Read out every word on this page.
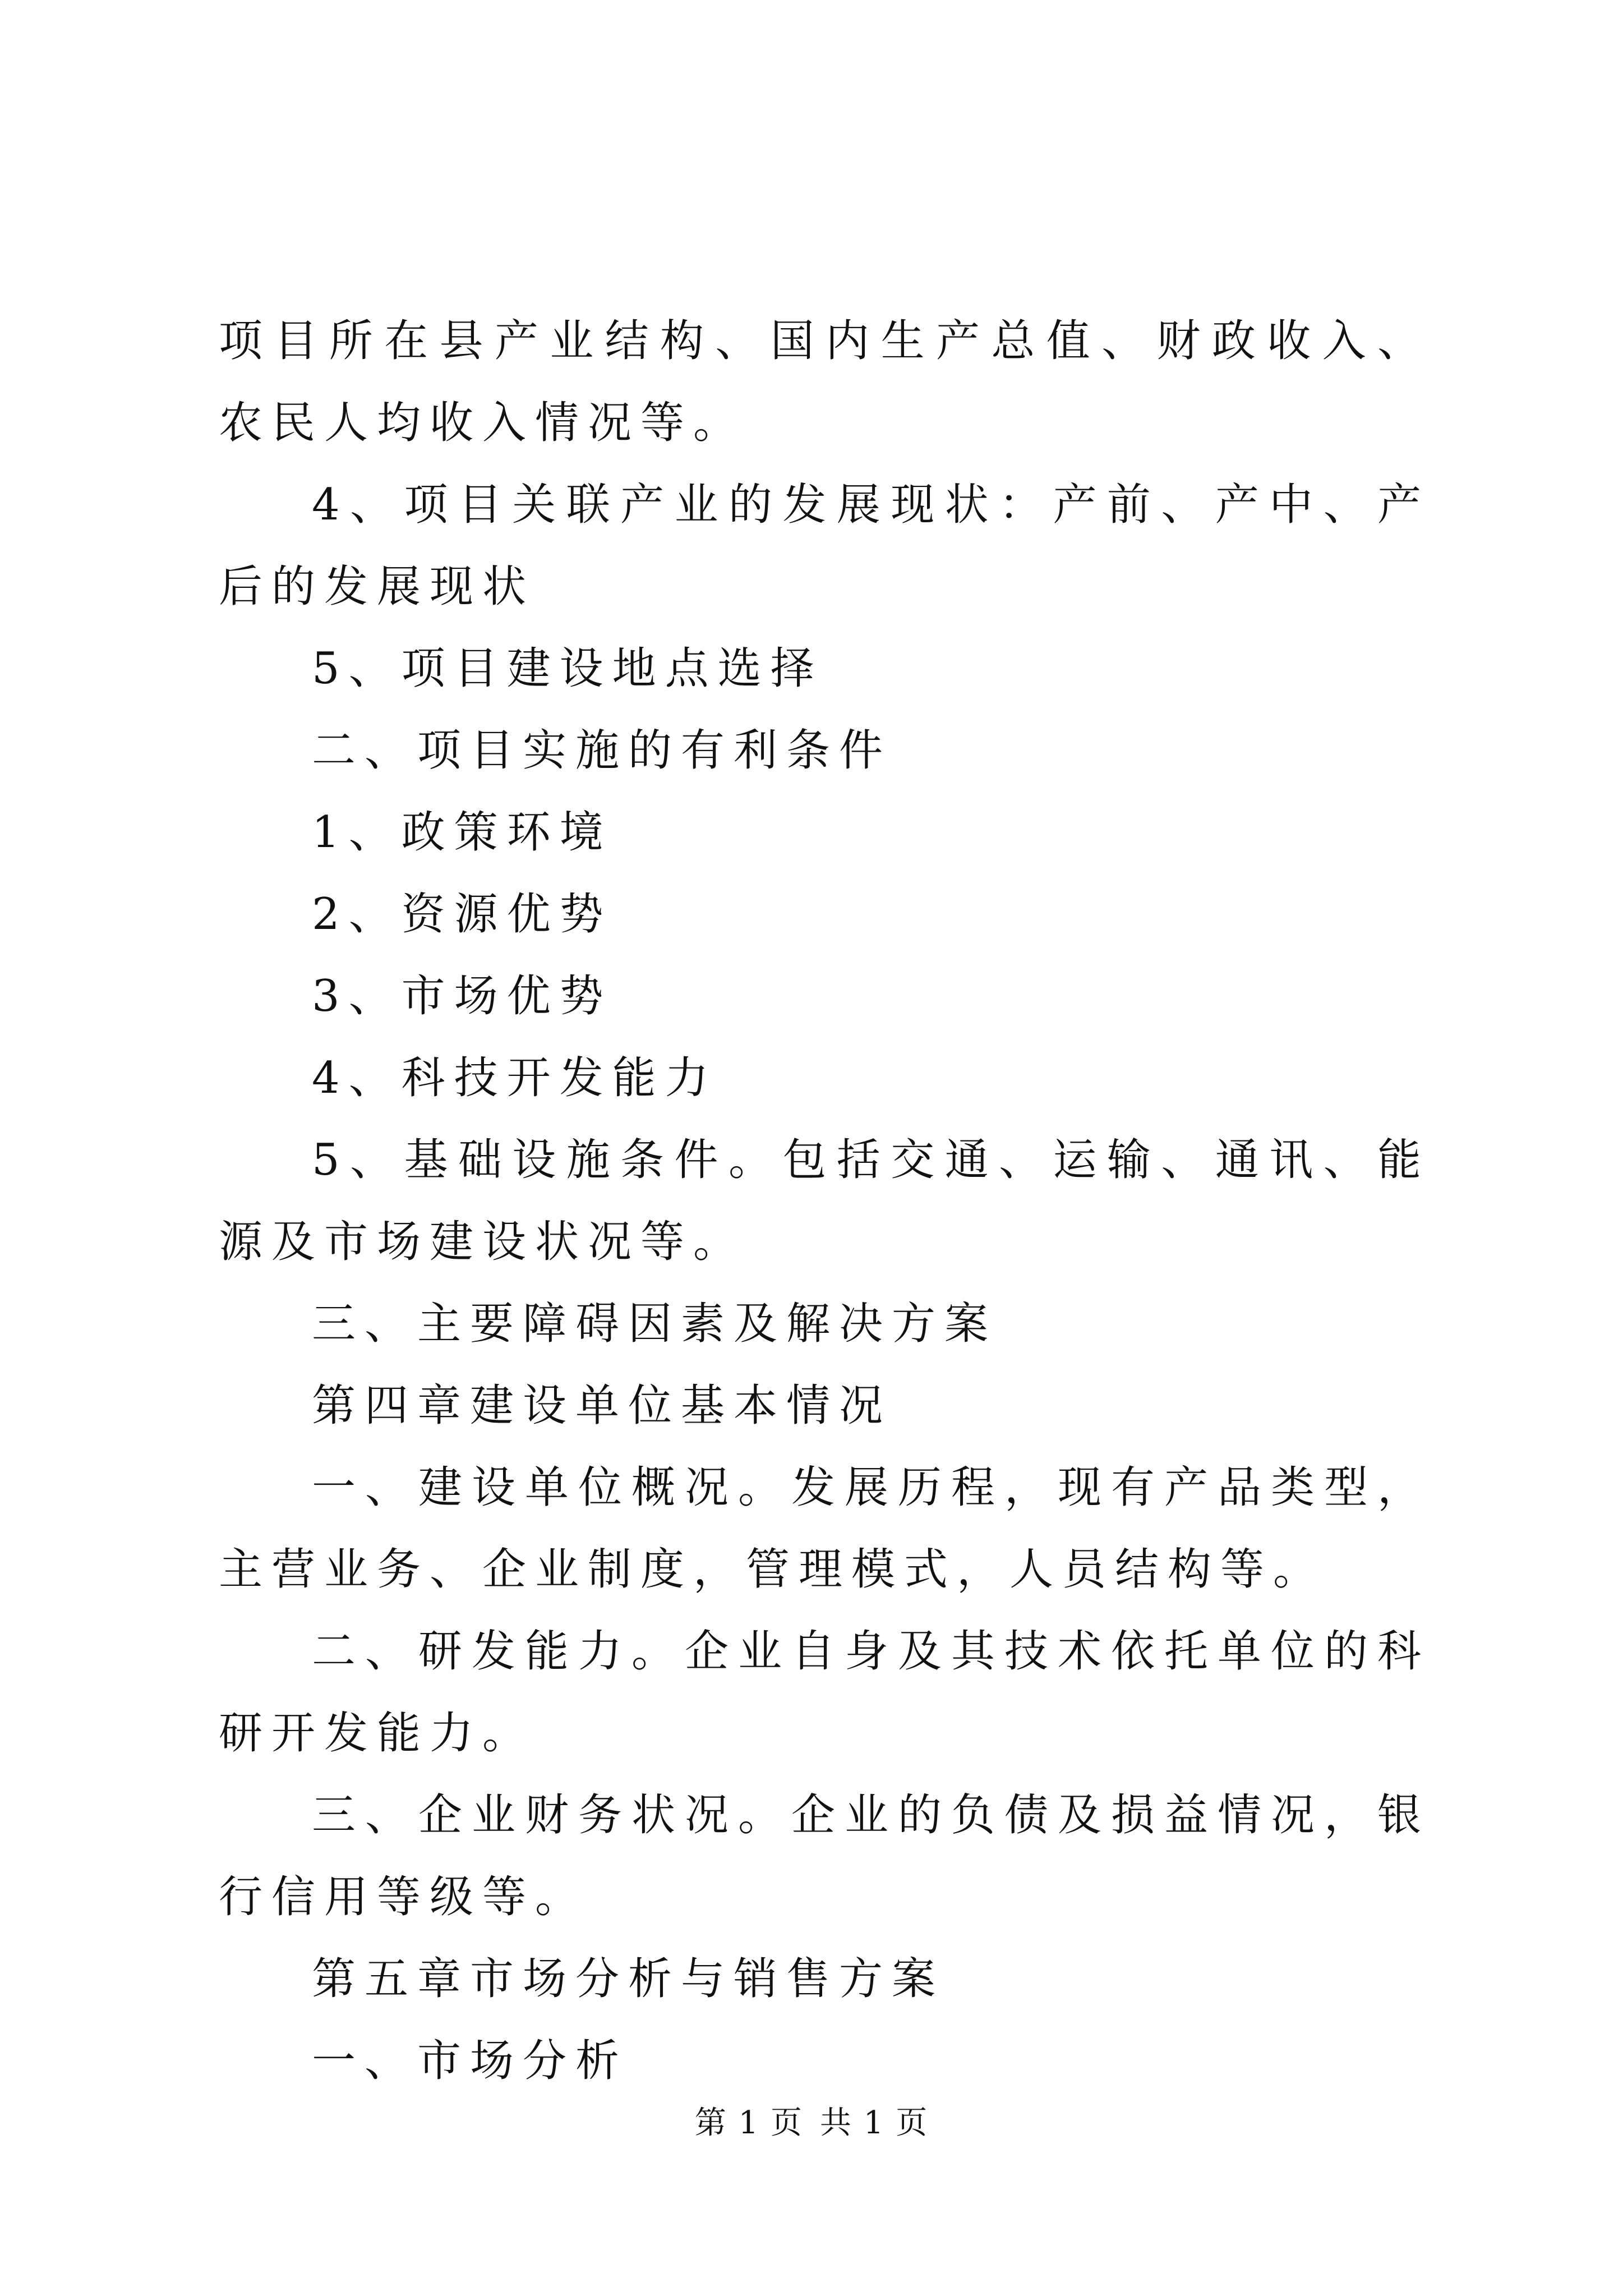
项目所在县产业结构、国内生产总值、财政收入、农民人均收入情况等。

4、项目关联产业的发展现状：产前、产中、产后的发展现状

5、项目建设地点选择

二、项目实施的有利条件

1、政策环境

2、资源优势

3、市场优势

4、科技开发能力

5、基础设施条件。包括交通、运输、通讯、能源及市场建设状况等。

三、主要障碍因素及解决方案

第四章建设单位基本情况

一、建设单位概况。发展历程，现有产品类型，主营业务、企业制度，管理模式，人员结构等。

二、研发能力。企业自身及其技术依托单位的科研开发能力。

三、企业财务状况。企业的负债及损益情况，银行信用等级等。

第五章市场分析与销售方案

一、市场分析

第 1 页 共 1 页
